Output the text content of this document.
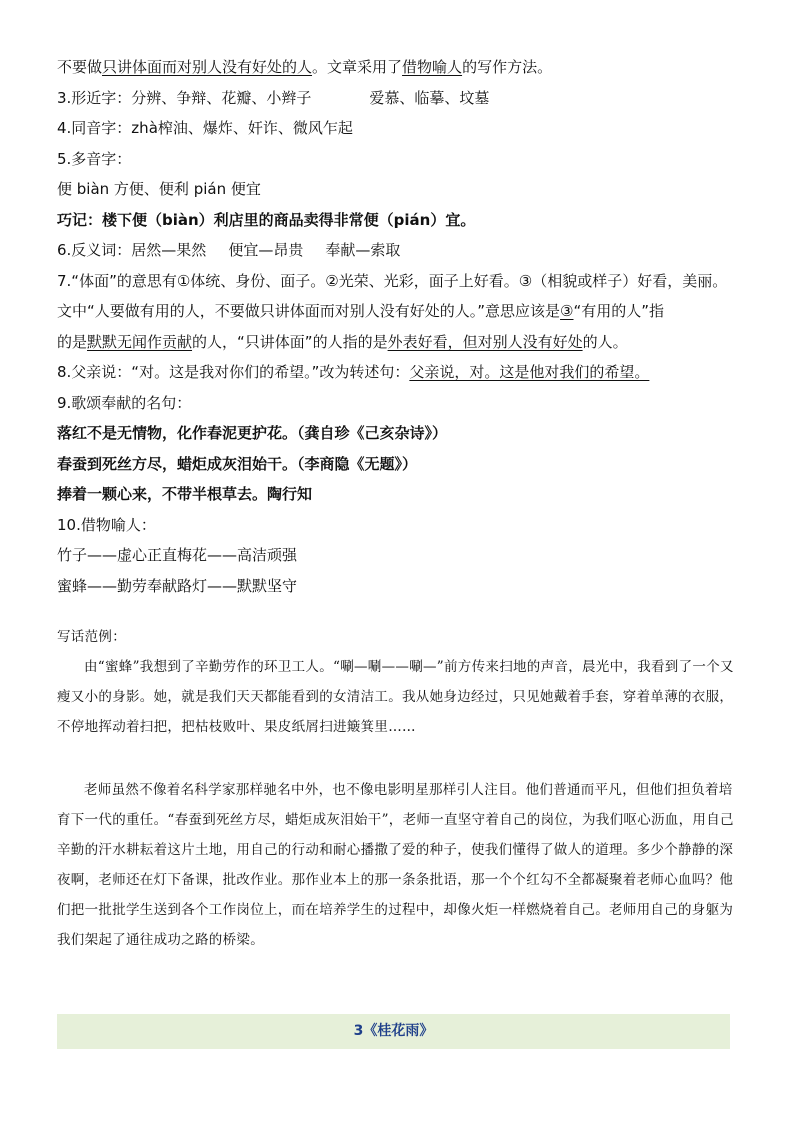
不要做只讲体面而对别人没有好处的人。文章采用了借物喻人的写作方法。
3.形近字：分辨、争辩、花瓣、小辫子	爱慕、临摹、坟墓
4.同音字：zhà榨油、爆炸、奸诈、微风乍起
5.多音字：
便 biàn 方便、便利 pián 便宜
巧记：楼下便（biàn）利店里的商品卖得非常便（pián）宜。
6.反义词：居然—果然 便宜—昂贵 奉献—索取
7.“体面”的意思有①体统、身份、面子。②光荣、光彩，面子上好看。③（相貌或样子）好看，美丽。
文中“人要做有用的人，不要做只讲体面而对别人没有好处的人。”意思应该是③“有用的人”指
的是默默无闻作贡献的人，“只讲体面”的人指的是外表好看，但对别人没有好处的人。
8.父亲说：“对。这是我对你们的希望。”改为转述句：父亲说，对。这是他对我们的希望。
9.歌颂奉献的名句：
落红不是无情物，化作春泥更护花。（龚自珍《己亥杂诗》）
春蚕到死丝方尽，蜡炬成灰泪始干。（李商隐《无题》）
捧着一颗心来，不带半根草去。陶行知
10.借物喻人：
竹子——虚心正直梅花——高洁顽强
蜜蜂——勤劳奉献路灯——默默坚守
写话范例：

由“蜜蜂”我想到了辛勤劳作的环卫工人。“唰—唰——唰—”前方传来扫地的声音，晨光中，我看到了一个又瘦又小的身影。她，就是我们天天都能看到的女清洁工。我从她身边经过，只见她戴着手套，穿着单薄的衣服，不停地挥动着扫把，把枯枝败叶、果皮纸屑扫进簸箕里……

老师虽然不像着名科学家那样驰名中外，也不像电影明星那样引人注目。他们普通而平凡，但他们担负着培育下一代的重任。“春蚕到死丝方尽，蜡炬成灰泪始干”，老师一直坚守着自己的岗位，为我们呕心沥血，用自己辛勤的汗水耕耘着这片土地，用自己的行动和耐心播撒了爱的种子，使我们懂得了做人的道理。多少个静静的深夜啊，老师还在灯下备课，批改作业。那作业本上的那一条条批语，那一个个红勾不全都凝聚着老师心血吗？他们把一批批学生送到各个工作岗位上，而在培养学生的过程中，却像火炬一样燃烧着自己。老师用自己的身躯为我们架起了通往成功之路的桥梁。

3《桂花雨》
